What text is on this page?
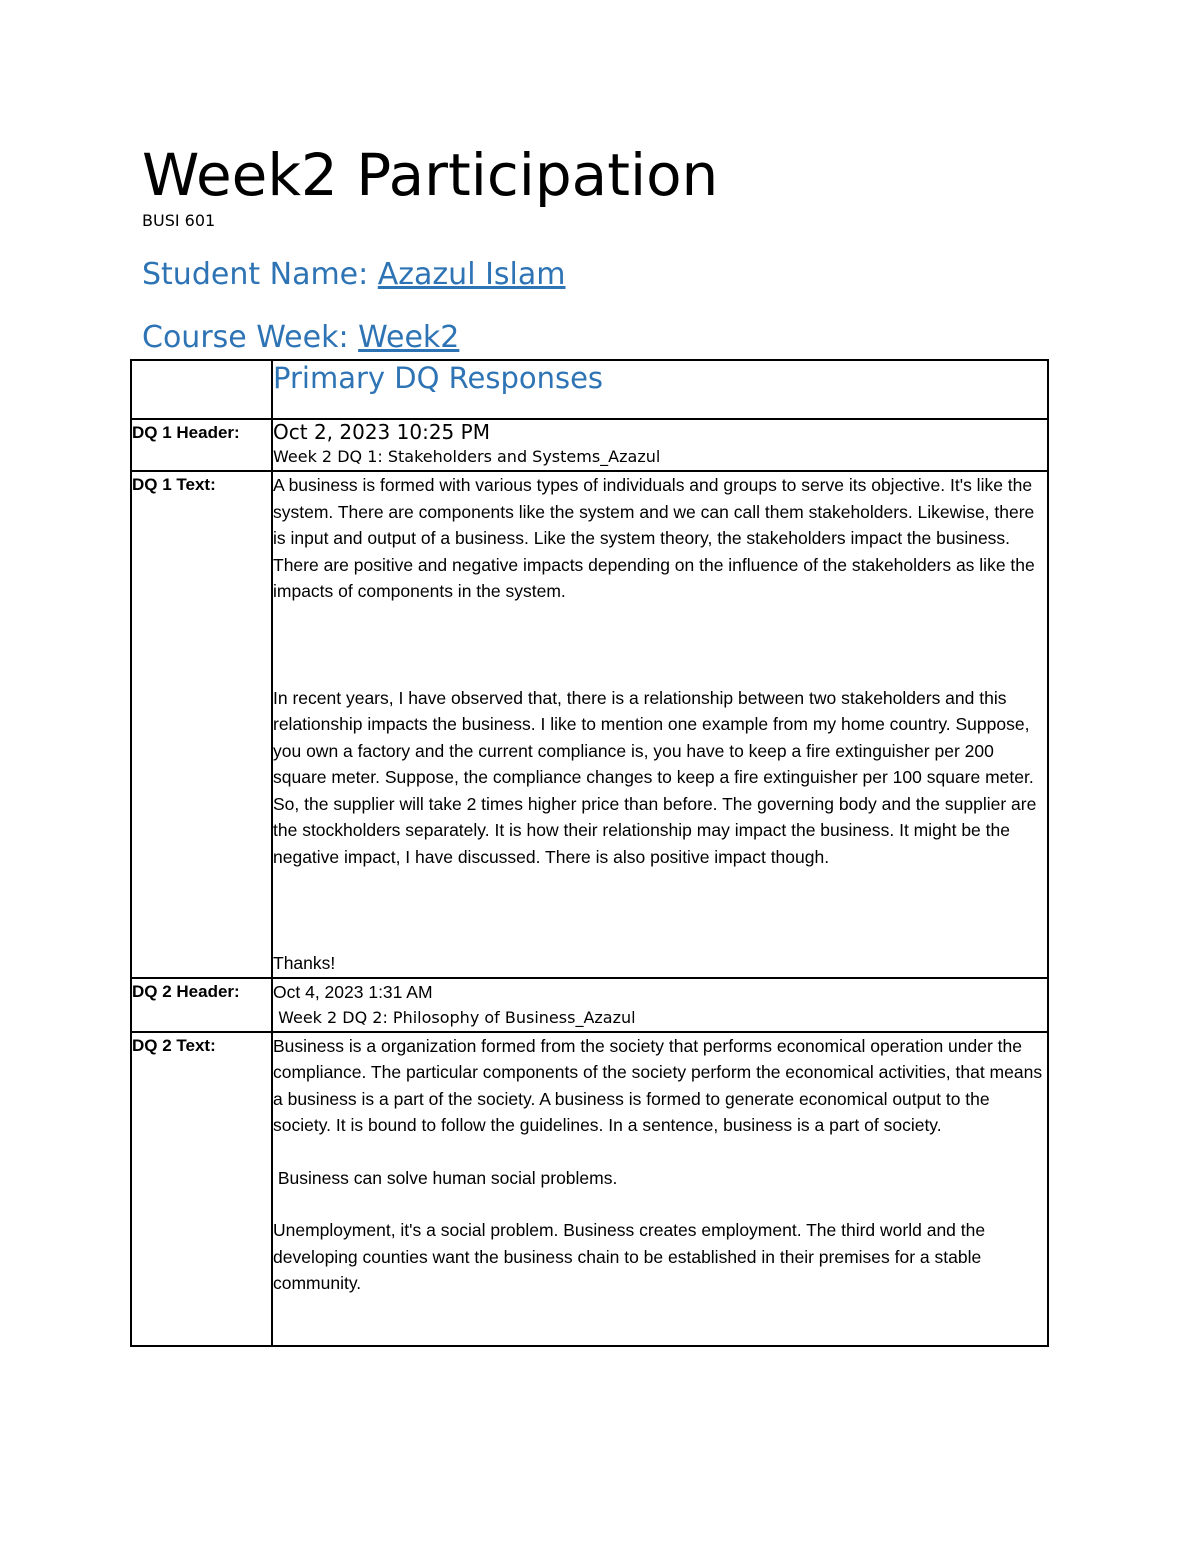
Week2 Participation
BUSI 601
Student Name: Azazul Islam
Course Week: Week2
	Primary DQ Responses
DQ 1 Header:	Oct 2, 2023 10:25 PM
Week 2 DQ 1: Stakeholders and Systems_Azazul

DQ 1 Text:	A business is formed with various types of individuals and groups to serve its objective. It's like the system. There are components like the system and we can call them stakeholders. Likewise, there is input and output of a business. Like the system theory, the stakeholders impact the business. There are positive and negative impacts depending on the influence of the stakeholders as like the impacts of components in the system.

In recent years, I have observed that, there is a relationship between two stakeholders and this relationship impacts the business. I like to mention one example from my home country. Suppose, you own a factory and the current compliance is, you have to keep a fire extinguisher per 200 square meter. Suppose, the compliance changes to keep a fire extinguisher per 100 square meter. So, the supplier will take 2 times higher price than before. The governing body and the supplier are the stockholders separately. It is how their relationship may impact the business. It might be the negative impact, I have discussed. There is also positive impact though.

Thanks!

DQ 2 Header:	Oct 4, 2023 1:31 AM
Week 2 DQ 2: Philosophy of Business_Azazul

DQ 2 Text:	Business is a organization formed from the society that performs economical operation under the compliance. The particular components of the society perform the economical activities, that means a business is a part of the society. A business is formed to generate economical output to the society. It is bound to follow the guidelines. In a sentence, business is a part of society.

Business can solve human social problems.

Unemployment, it's a social problem. Business creates employment. The third world and the developing counties want the business chain to be established in their premises for a stable community.
